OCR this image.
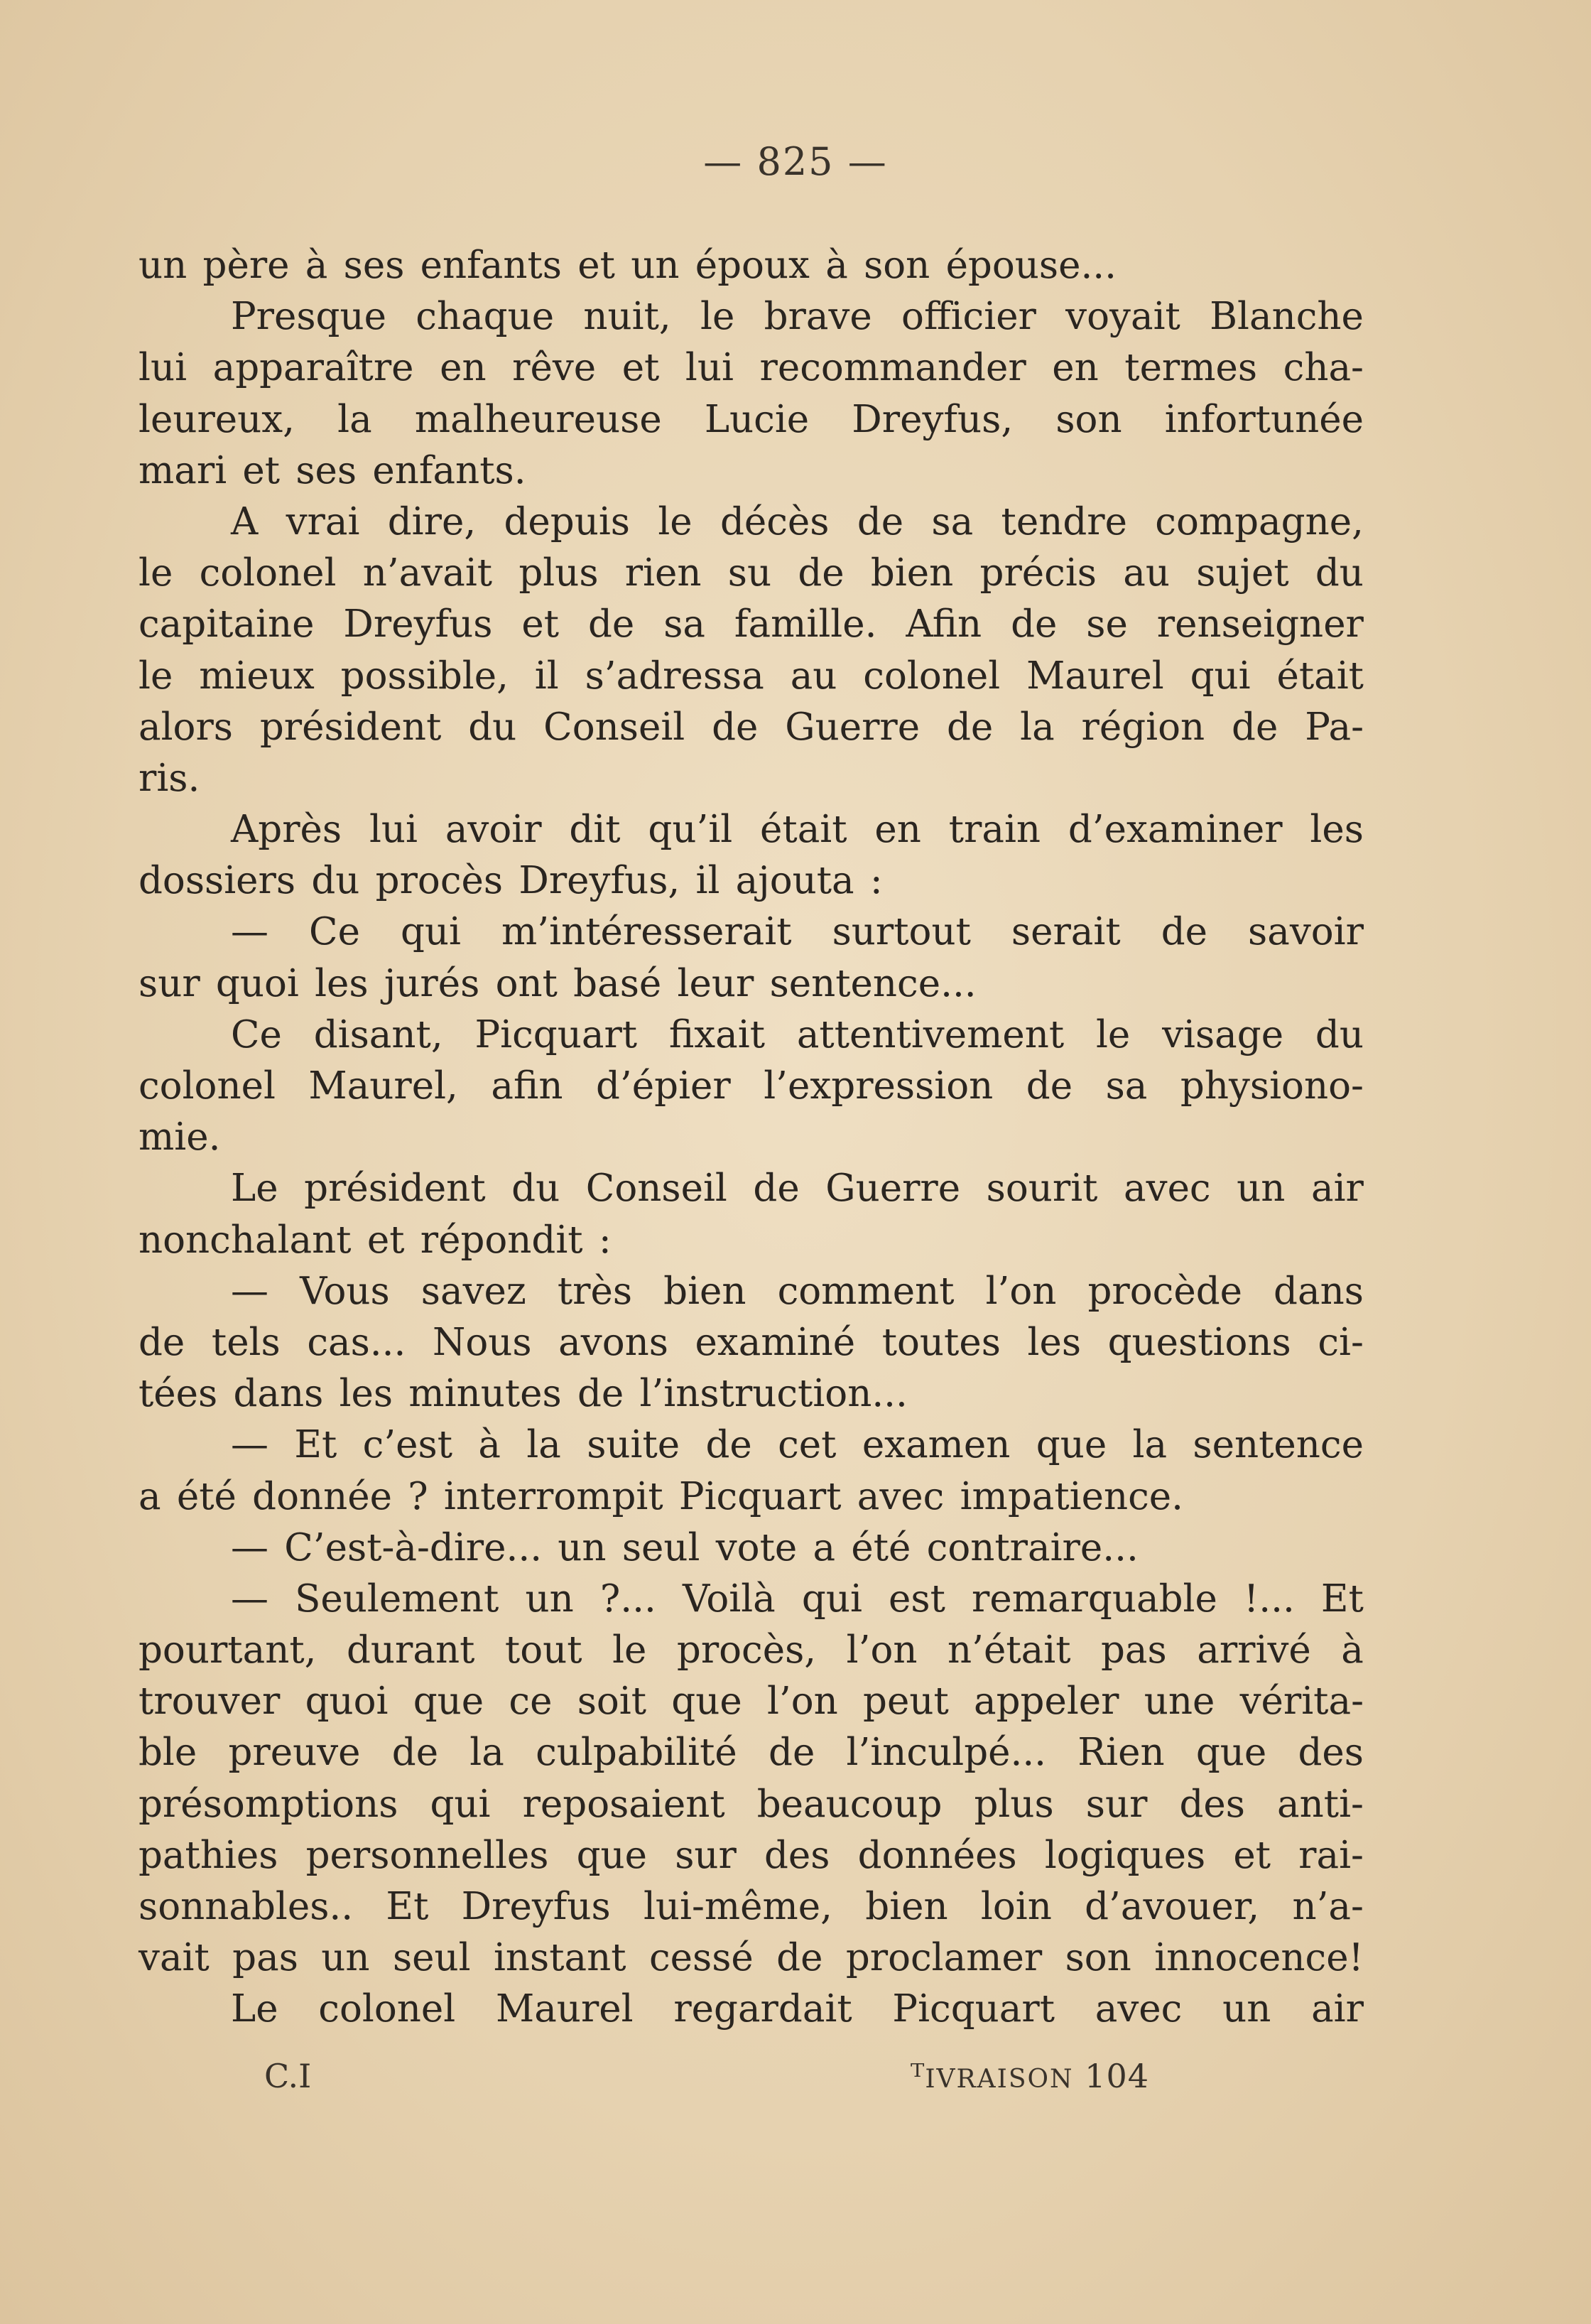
— 825 —
un père à ses enfants et un époux à son épouse...
Presque chaque nuit, le brave officier voyait Blanche
lui apparaître en rêve et lui recommander en termes cha-
leureux, la malheureuse Lucie Dreyfus, son infortunée
mari et ses enfants.
A vrai dire, depuis le décès de sa tendre compagne,
le colonel n’avait plus rien su de bien précis au sujet du
capitaine Dreyfus et de sa famille. Afin de se renseigner
le mieux possible, il s’adressa au colonel Maurel qui était
alors président du Conseil de Guerre de la région de Pa-
ris.
Après lui avoir dit qu’il était en train d’examiner les
dossiers du procès Dreyfus, il ajouta :
— Ce qui m’intéresserait surtout serait de savoir
sur quoi les jurés ont basé leur sentence...
Ce disant, Picquart fixait attentivement le visage du
colonel Maurel, afin d’épier l’expression de sa physiono-
mie.
Le président du Conseil de Guerre sourit avec un air
nonchalant et répondit :
— Vous savez très bien comment l’on procède dans
de tels cas... Nous avons examiné toutes les questions ci-
tées dans les minutes de l’instruction...
— Et c’est à la suite de cet examen que la sentence
a été donnée ? interrompit Picquart avec impatience.
— C’est-à-dire... un seul vote a été contraire...
— Seulement un ?... Voilà qui est remarquable !... Et
pourtant, durant tout le procès, l’on n’était pas arrivé à
trouver quoi que ce soit que l’on peut appeler une vérita-
ble preuve de la culpabilité de l’inculpé... Rien que des
présomptions qui reposaient beaucoup plus sur des anti-
pathies personnelles que sur des données logiques et rai-
sonnables.. Et Dreyfus lui-même, bien loin d’avouer, n’a-
vait pas un seul instant cessé de proclamer son innocence!
Le colonel Maurel regardait Picquart avec un air
C.I	ᵀIVRAISON 104
